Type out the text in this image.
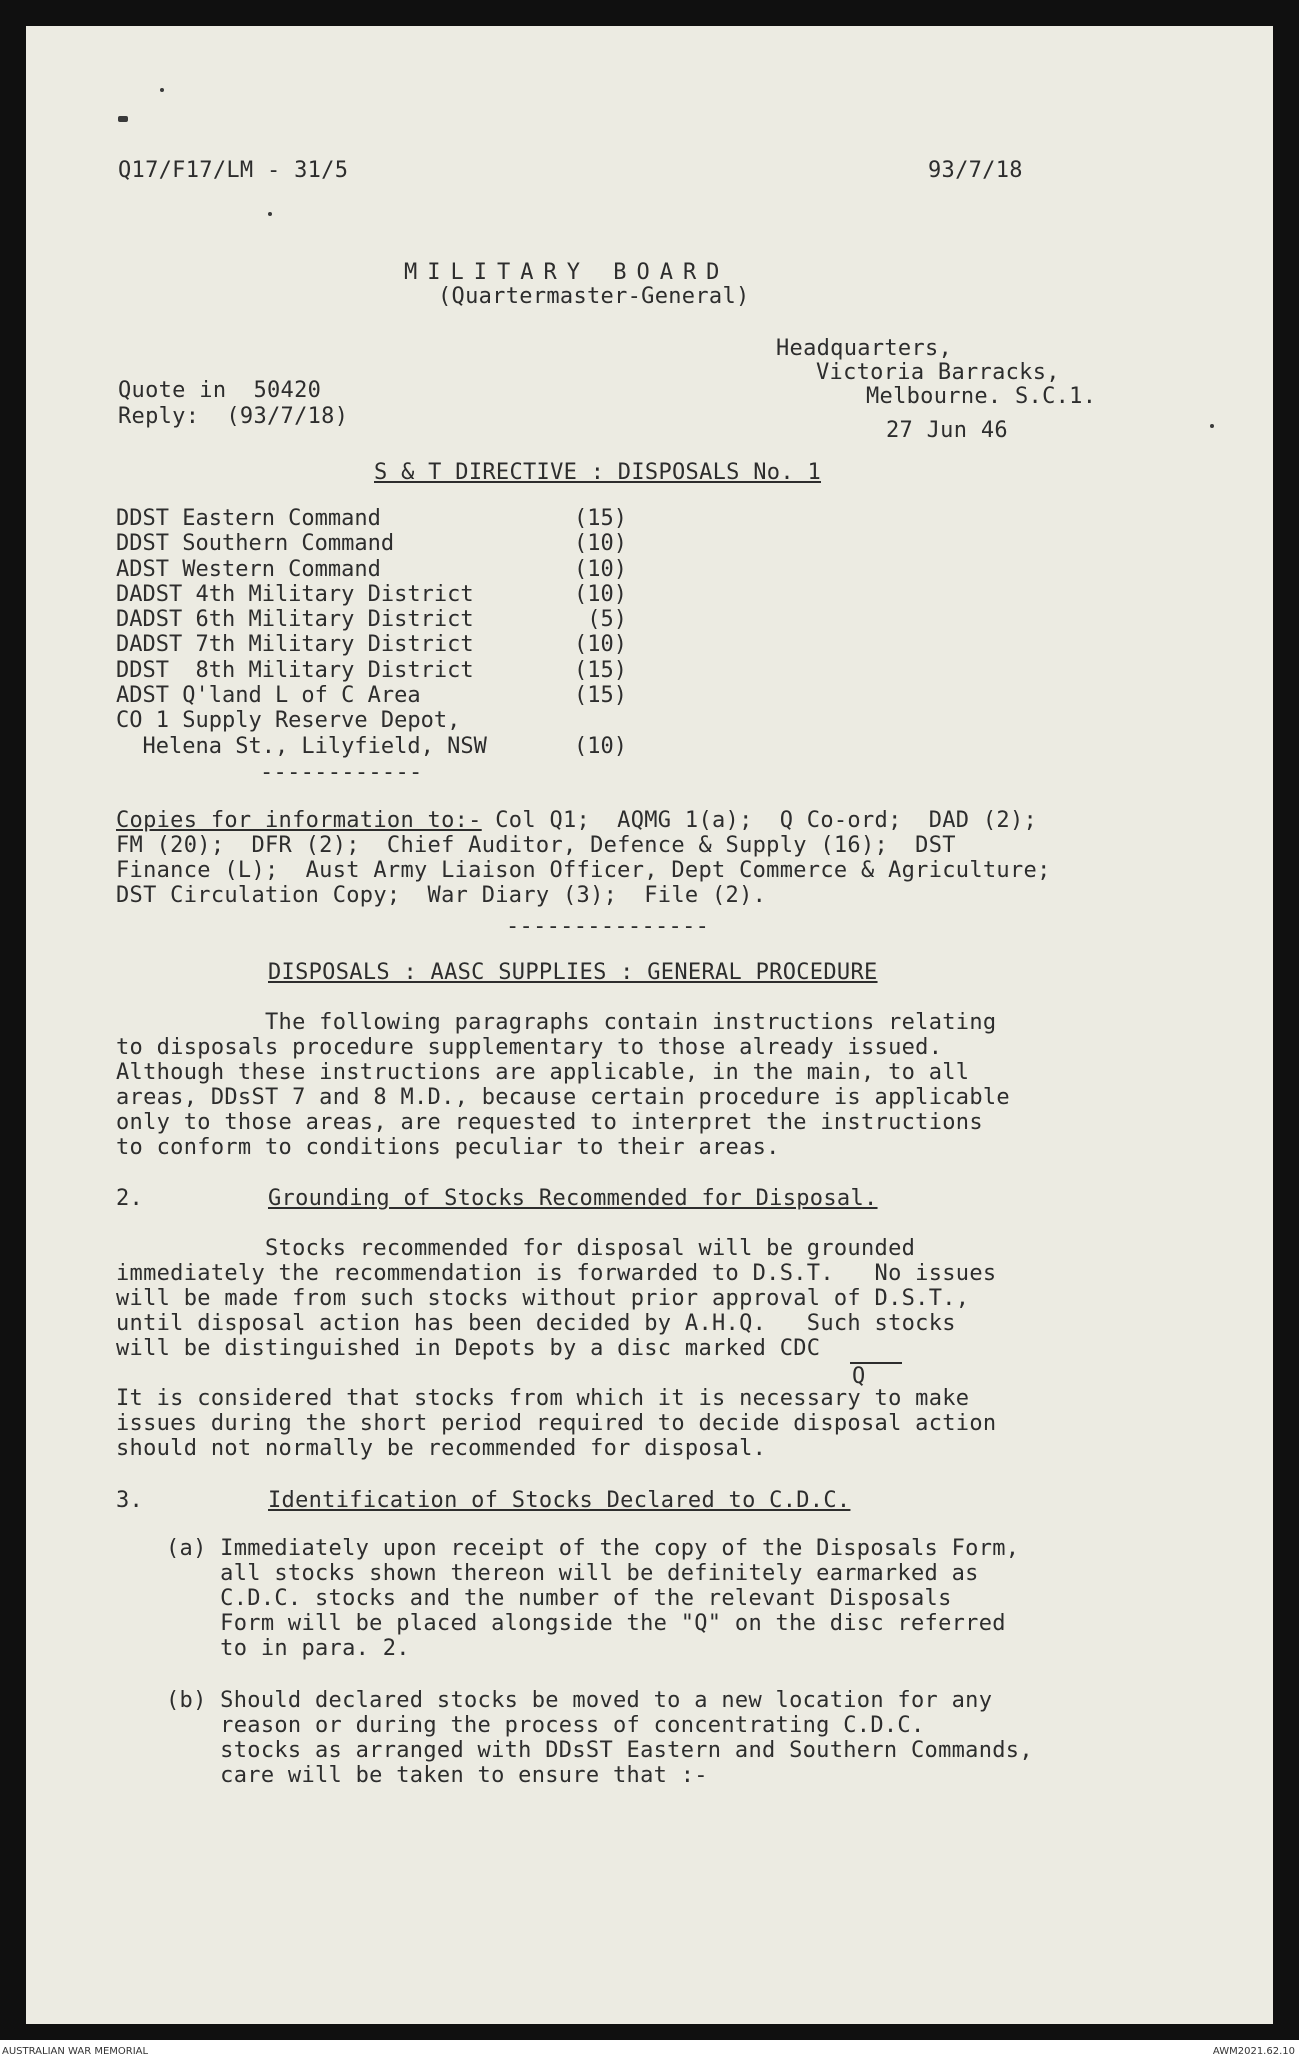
Q17/F17/LM - 31/5	93/7/18
MILITARY BOARD
(Quartermaster-General)
Headquarters,
Victoria Barracks,
Melbourne. S.C.1.
Quote in  50420
Reply:  (93/7/18)
27 Jun 46
S & T DIRECTIVE : DISPOSALS No. 1
DDST Eastern Command	(15)
DDST Southern Command	(10)
ADST Western Command	(10)
DADST 4th Military District	(10)
DADST 6th Military District	(5)
DADST 7th Military District	(10)
DDST  8th Military District	(15)
ADST Q'land L of C Area	(15)
CO 1 Supply Reserve Depot,
Helena St., Lilyfield, NSW	(10)
------------
Copies for information to:- Col Q1;  AQMG 1(a);  Q Co-ord;  DAD (2);
FM (20);  DFR (2);  Chief Auditor, Defence & Supply (16);  DST
Finance (L);  Aust Army Liaison Officer, Dept Commerce & Agriculture;
DST Circulation Copy;  War Diary (3);  File (2).
---------------
DISPOSALS : AASC SUPPLIES : GENERAL PROCEDURE
The following paragraphs contain instructions relating
to disposals procedure supplementary to those already issued.
Although these instructions are applicable, in the main, to all
areas, DDsST 7 and 8 M.D., because certain procedure is applicable
only to those areas, are requested to interpret the instructions
to conform to conditions peculiar to their areas.
2.	Grounding of Stocks Recommended for Disposal.
Stocks recommended for disposal will be grounded
immediately the recommendation is forwarded to D.S.T.   No issues
will be made from such stocks without prior approval of D.S.T.,
until disposal action has been decided by A.H.Q.   Such stocks
will be distinguished in Depots by a disc marked CDC
Q
It is considered that stocks from which it is necessary to make
issues during the short period required to decide disposal action
should not normally be recommended for disposal.
3.	Identification of Stocks Declared to C.D.C.
(a) Immediately upon receipt of the copy of the Disposals Form,
all stocks shown thereon will be definitely earmarked as
C.D.C. stocks and the number of the relevant Disposals
Form will be placed alongside the "Q" on the disc referred
to in para. 2.
(b) Should declared stocks be moved to a new location for any
reason or during the process of concentrating C.D.C.
stocks as arranged with DDsST Eastern and Southern Commands,
care will be taken to ensure that :-
AUSTRALIAN WAR MEMORIAL	AWM2021.62.10
